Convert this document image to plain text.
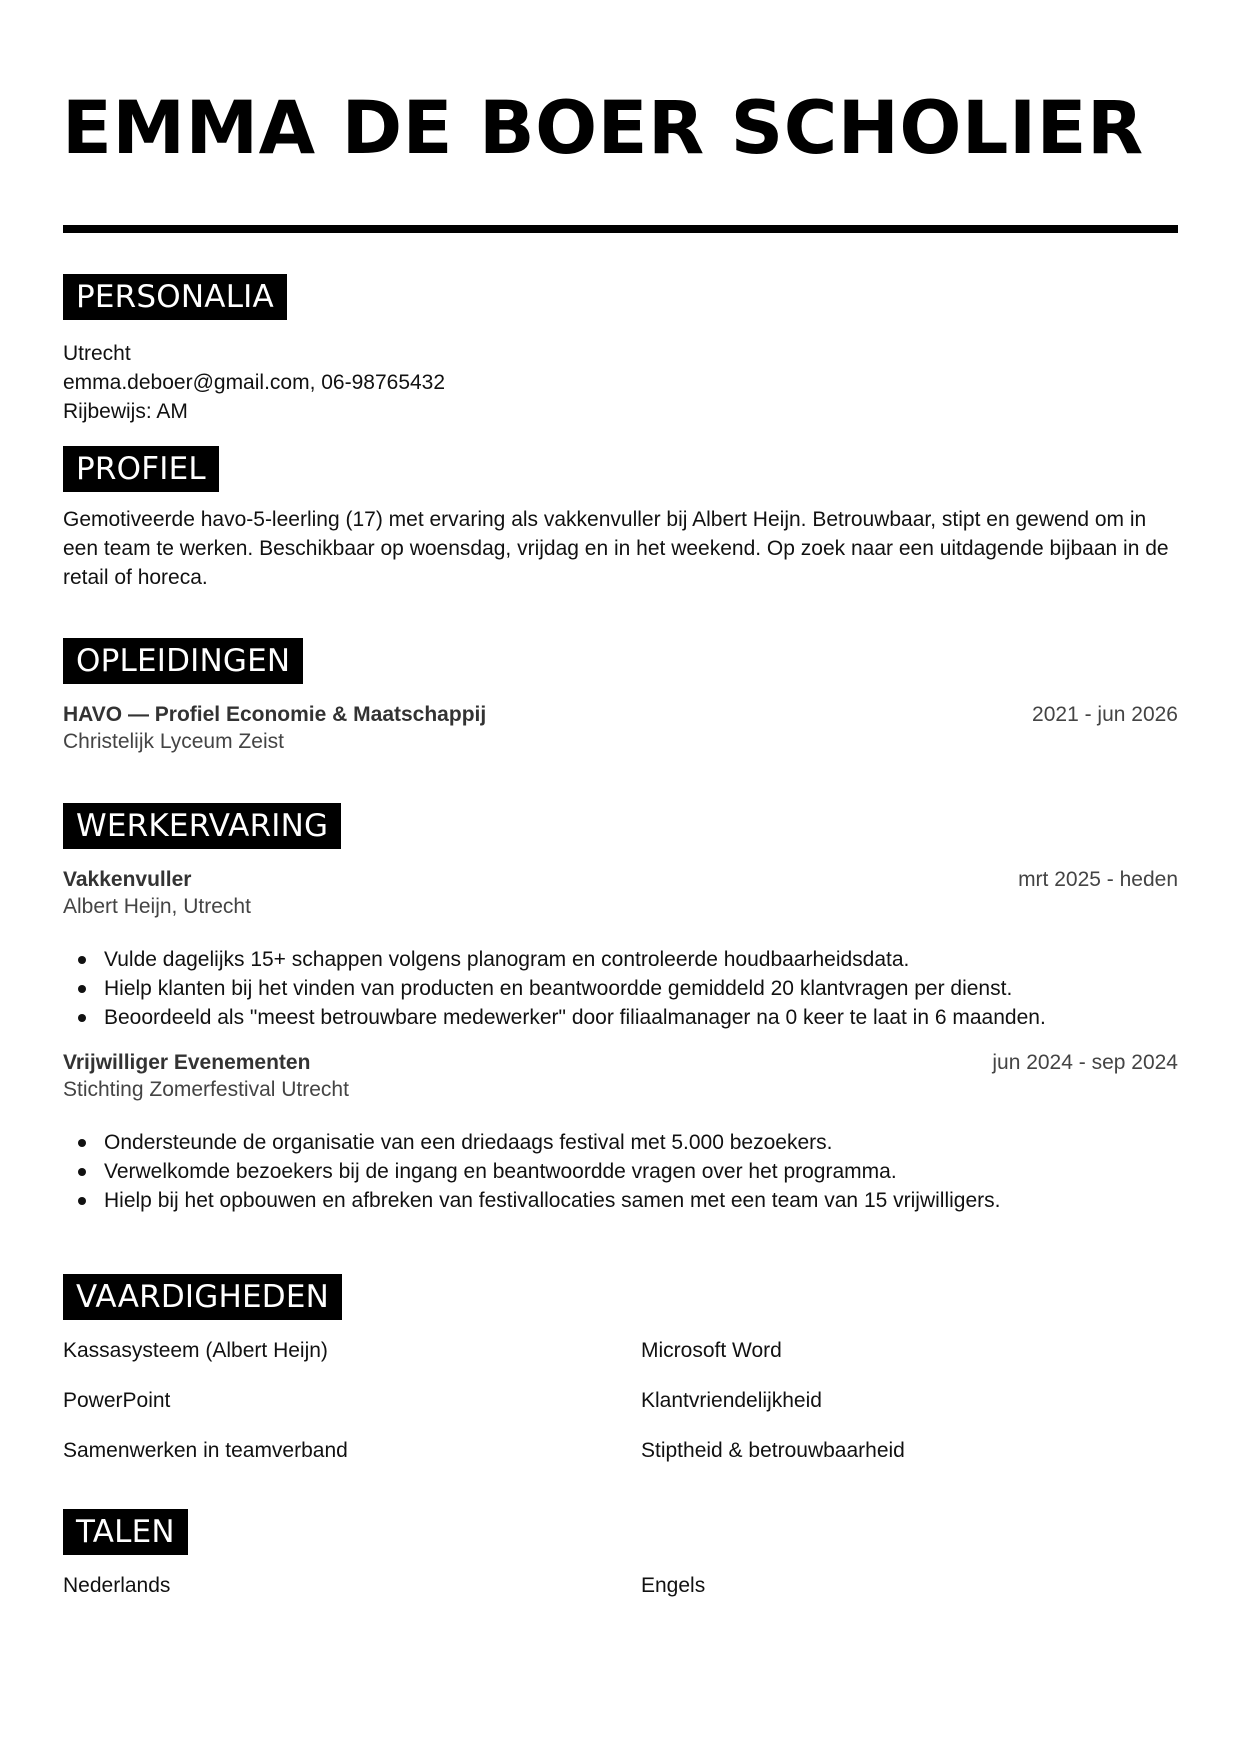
EMMA DE BOER SCHOLIER
PERSONALIA

Utrecht

emma.deboer@gmail.com, 06-98765432

Rijbewijs: AM

PROFIEL

Gemotiveerde havo-5-leerling (17) met ervaring als vakkenvuller bij Albert Heijn. Betrouwbaar, stipt en gewend om in een team te werken. Beschikbaar op woensdag, vrijdag en in het weekend. Op zoek naar een uitdagende bijbaan in de retail of horeca.

OPLEIDINGEN
HAVO — Profiel Economie & Maatschappij	2021 - jun 2026
Christelijk Lyceum Zeist
WERKERVARING
Vakkenvuller	mrt 2025 - heden
Albert Heijn, Utrecht
Vulde dagelijks 15+ schappen volgens planogram en controleerde houdbaarheidsdata.
Hielp klanten bij het vinden van producten en beantwoordde gemiddeld 20 klantvragen per dienst.
Beoordeeld als "meest betrouwbare medewerker" door filiaalmanager na 0 keer te laat in 6 maanden.
Vrijwilliger Evenementen	jun 2024 - sep 2024
Stichting Zomerfestival Utrecht
Ondersteunde de organisatie van een driedaags festival met 5.000 bezoekers.
Verwelkomde bezoekers bij de ingang en beantwoordde vragen over het programma.
Hielp bij het opbouwen en afbreken van festivallocaties samen met een team van 15 vrijwilligers.
VAARDIGHEDEN
Kassasysteem (Albert Heijn)	Microsoft Word
PowerPoint	Klantvriendelijkheid
Samenwerken in teamverband	Stiptheid & betrouwbaarheid
TALEN
Nederlands	Engels
